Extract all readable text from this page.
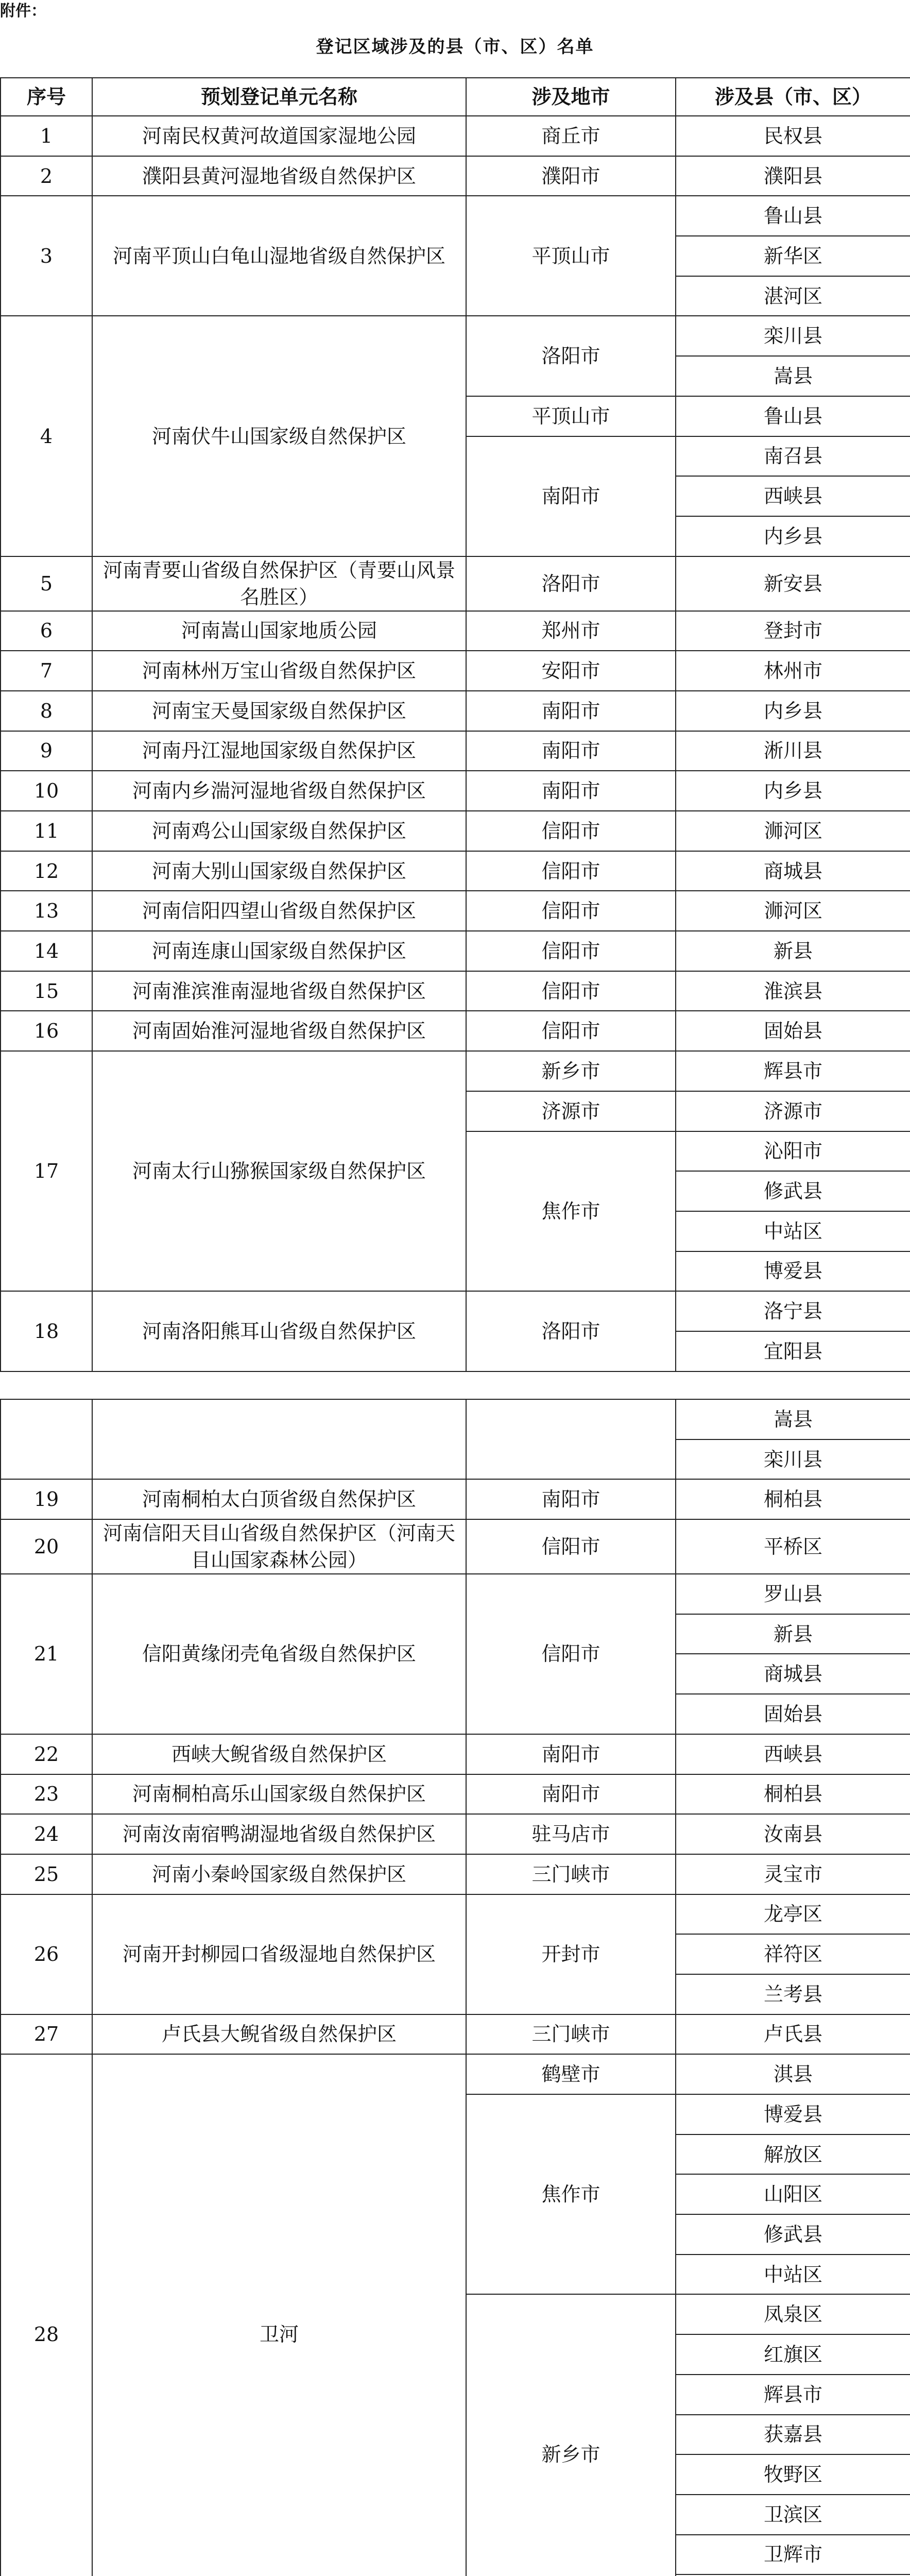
附件：
登记区域涉及的县（市、区）名单
序号	预划登记单元名称	涉及地市	涉及县（市、区）
1	河南民权黄河故道国家湿地公园	商丘市	民权县
2	濮阳县黄河湿地省级自然保护区	濮阳市	濮阳县
3	河南平顶山白龟山湿地省级自然保护区	平顶山市	鲁山县
			新华区
			湛河区
4	河南伏牛山国家级自然保护区	洛阳市	栾川县
			嵩县
		平顶山市	鲁山县
		南阳市	南召县
			西峡县
			内乡县
5	河南青要山省级自然保护区（青要山风景名胜区）	洛阳市	新安县
6	河南嵩山国家地质公园	郑州市	登封市
7	河南林州万宝山省级自然保护区	安阳市	林州市
8	河南宝天曼国家级自然保护区	南阳市	内乡县
9	河南丹江湿地国家级自然保护区	南阳市	淅川县
10	河南内乡湍河湿地省级自然保护区	南阳市	内乡县
11	河南鸡公山国家级自然保护区	信阳市	浉河区
12	河南大别山国家级自然保护区	信阳市	商城县
13	河南信阳四望山省级自然保护区	信阳市	浉河区
14	河南连康山国家级自然保护区	信阳市	新县
15	河南淮滨淮南湿地省级自然保护区	信阳市	淮滨县
16	河南固始淮河湿地省级自然保护区	信阳市	固始县
17	河南太行山猕猴国家级自然保护区	新乡市	辉县市
		济源市	济源市
		焦作市	沁阳市
			修武县
			中站区
			博爱县
18	河南洛阳熊耳山省级自然保护区	洛阳市	洛宁县
			宜阳县
			嵩县
			栾川县
19	河南桐柏太白顶省级自然保护区	南阳市	桐柏县
20	河南信阳天目山省级自然保护区（河南天目山国家森林公园）	信阳市	平桥区
21	信阳黄缘闭壳龟省级自然保护区	信阳市	罗山县
			新县
			商城县
			固始县
22	西峡大鲵省级自然保护区	南阳市	西峡县
23	河南桐柏高乐山国家级自然保护区	南阳市	桐柏县
24	河南汝南宿鸭湖湿地省级自然保护区	驻马店市	汝南县
25	河南小秦岭国家级自然保护区	三门峡市	灵宝市
26	河南开封柳园口省级湿地自然保护区	开封市	龙亭区
			祥符区
			兰考县
27	卢氏县大鲵省级自然保护区	三门峡市	卢氏县
28	卫河	鹤壁市	淇县
		焦作市	博爱县
			解放区
			山阳区
			修武县
			中站区
		新乡市	凤泉区
			红旗区
			辉县市
			获嘉县
			牧野区
			卫滨区
			卫辉市
